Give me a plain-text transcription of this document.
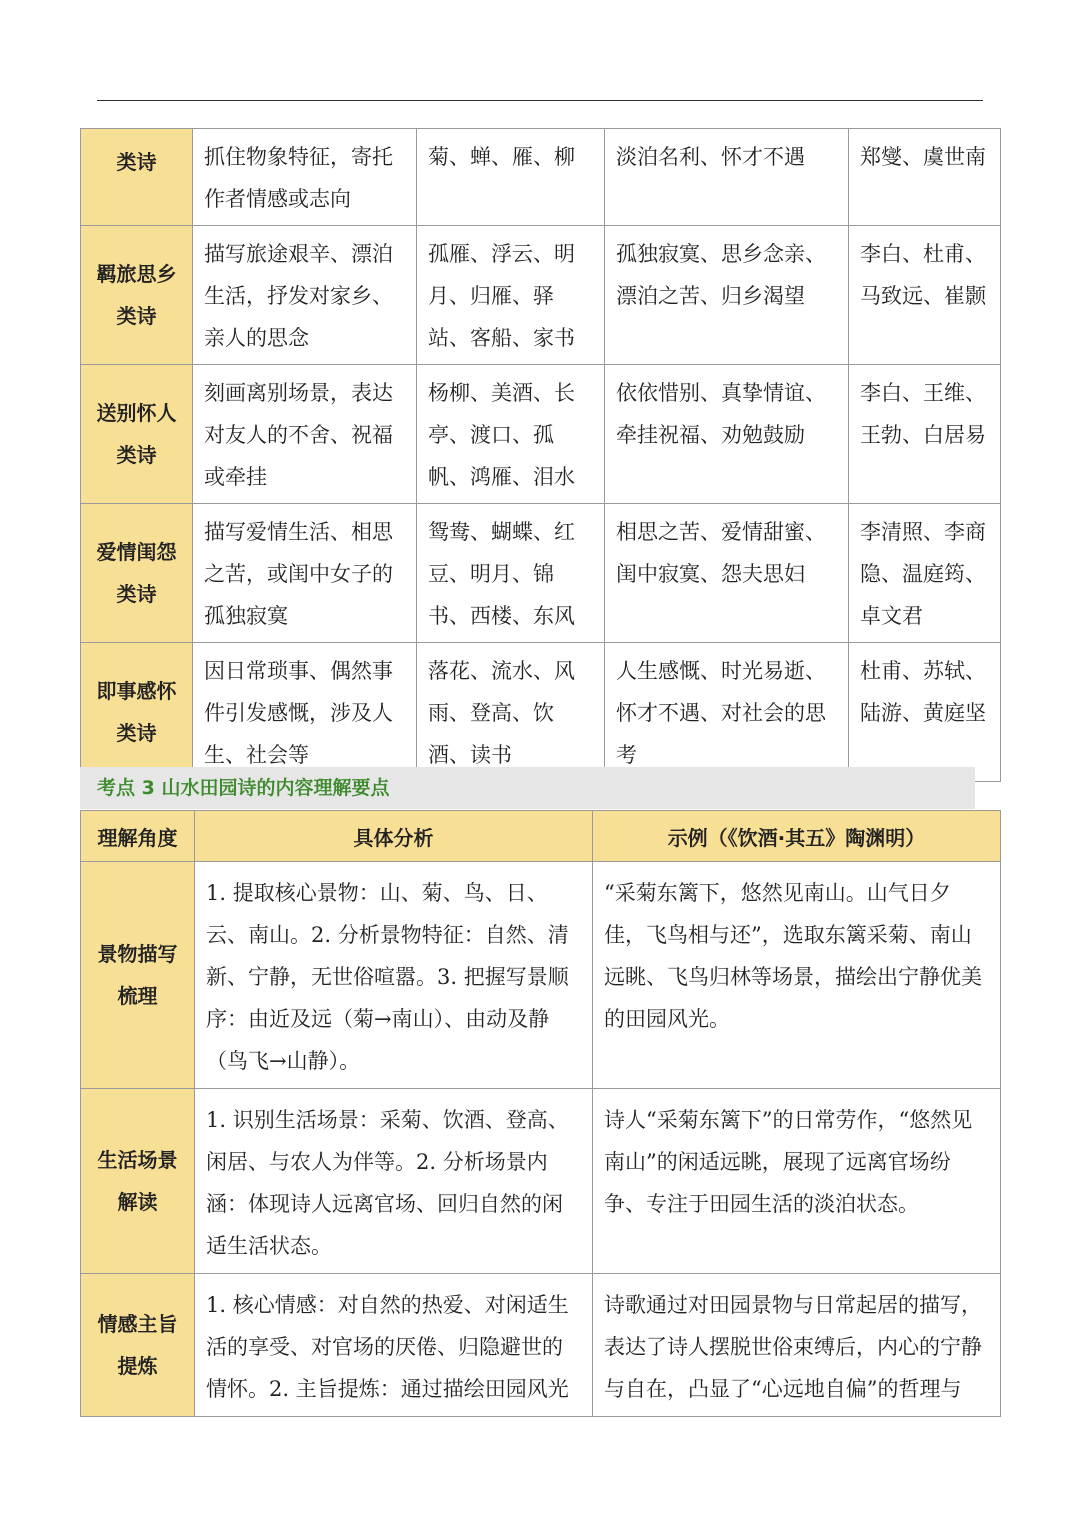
类诗	抓住物象特征，寄托作者情感或志向	菊、蝉、雁、柳	淡泊名利、怀才不遇	郑燮、虞世南
羁旅思乡类诗	描写旅途艰辛、漂泊生活，抒发对家乡、亲人的思念	孤雁、浮云、明月、归雁、驿站、客船、家书	孤独寂寞、思乡念亲、漂泊之苦、归乡渴望	李白、杜甫、马致远、崔颢
送别怀人类诗	刻画离别场景，表达对友人的不舍、祝福或牵挂	杨柳、美酒、长亭、渡口、孤帆、鸿雁、泪水	依依惜别、真挚情谊、牵挂祝福、劝勉鼓励	李白、王维、王勃、白居易
爱情闺怨类诗	描写爱情生活、相思之苦，或闺中女子的孤独寂寞	鸳鸯、蝴蝶、红豆、明月、锦书、西楼、东风	相思之苦、爱情甜蜜、闺中寂寞、怨夫思妇	李清照、李商隐、温庭筠、卓文君
即事感怀类诗	因日常琐事、偶然事件引发感慨，涉及人生、社会等	落花、流水、风雨、登高、饮酒、读书	人生感慨、时光易逝、怀才不遇、对社会的思考	杜甫、苏轼、陆游、黄庭坚
考点 3 山水田园诗的内容理解要点
理解角度	具体分析	示例（《饮酒·其五》陶渊明）
景物描写梳理	1. 提取核心景物：山、菊、鸟、日、云、南山。2. 分析景物特征：自然、清新、宁静，无世俗喧嚣。3. 把握写景顺序：由近及远（菊→南山）、由动及静（鸟飞→山静）。	“采菊东篱下，悠然见南山。山气日夕佳，飞鸟相与还”，选取东篱采菊、南山远眺、飞鸟归林等场景，描绘出宁静优美的田园风光。
生活场景解读	1. 识别生活场景：采菊、饮酒、登高、闲居、与农人为伴等。2. 分析场景内涵：体现诗人远离官场、回归自然的闲适生活状态。	诗人“采菊东篱下”的日常劳作，“悠然见南山”的闲适远眺，展现了远离官场纷争、专注于田园生活的淡泊状态。
情感主旨提炼	1. 核心情感：对自然的热爱、对闲适生活的享受、对官场的厌倦、归隐避世的情怀。2. 主旨提炼：通过描绘田园风光	诗歌通过对田园景物与日常起居的描写，表达了诗人摆脱世俗束缚后，内心的宁静与自在，凸显了“心远地自偏”的哲理与
